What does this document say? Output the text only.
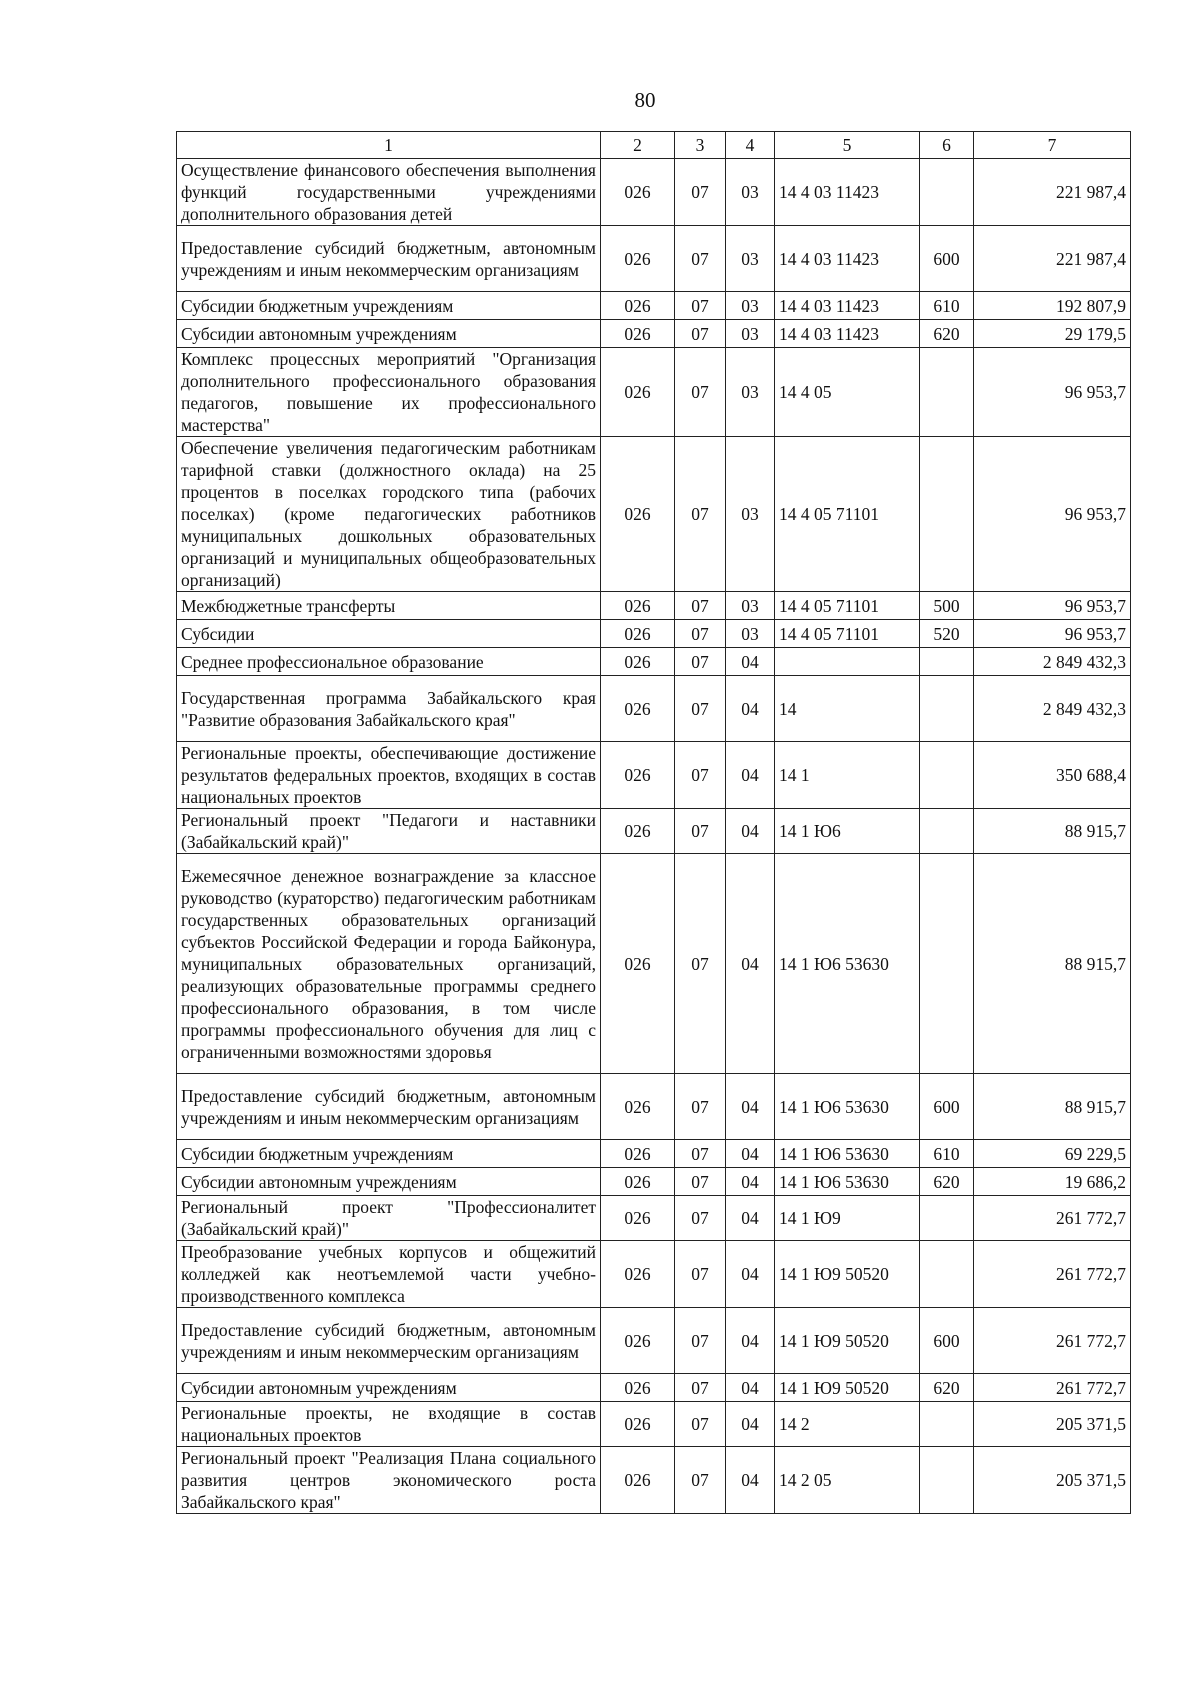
80
1	2	3	4	5	6	7
Осуществление финансового обеспечения выполнения функций государственными учреждениями дополнительного образования детей	026	07	03	14 4 03 11423		221 987,4
Предоставление субсидий бюджетным, автономным учреждениям и иным некоммерческим организациям	026	07	03	14 4 03 11423	600	221 987,4
Субсидии бюджетным учреждениям	026	07	03	14 4 03 11423	610	192 807,9
Субсидии автономным учреждениям	026	07	03	14 4 03 11423	620	29 179,5
Комплекс процессных мероприятий "Организация дополнительного профессионального образования педагогов, повышение их профессионального мастерства"	026	07	03	14 4 05		96 953,7
Обеспечение увеличения педагогическим работникам тарифной ставки (должностного оклада) на 25 процентов в поселках городского типа (рабочих поселках) (кроме педагогических работников муниципальных дошкольных образовательных организаций и муниципальных общеобразовательных организаций)	026	07	03	14 4 05 71101		96 953,7
Межбюджетные трансферты	026	07	03	14 4 05 71101	500	96 953,7
Субсидии	026	07	03	14 4 05 71101	520	96 953,7
Среднее профессиональное образование	026	07	04			2 849 432,3
Государственная программа Забайкальского края "Развитие образования Забайкальского края"	026	07	04	14		2 849 432,3
Региональные проекты, обеспечивающие достижение результатов федеральных проектов, входящих в состав национальных проектов	026	07	04	14 1		350 688,4
Региональный проект "Педагоги и наставники (Забайкальский край)"	026	07	04	14 1 Ю6		88 915,7
Ежемесячное денежное вознаграждение за классное руководство (кураторство) педагогическим работникам государственных образовательных организаций субъектов Российской Федерации и города Байконура, муниципальных образовательных организаций, реализующих образовательные программы среднего профессионального образования, в том числе программы профессионального обучения для лиц с ограниченными возможностями здоровья	026	07	04	14 1 Ю6 53630		88 915,7
Предоставление субсидий бюджетным, автономным учреждениям и иным некоммерческим организациям	026	07	04	14 1 Ю6 53630	600	88 915,7
Субсидии бюджетным учреждениям	026	07	04	14 1 Ю6 53630	610	69 229,5
Субсидии автономным учреждениям	026	07	04	14 1 Ю6 53630	620	19 686,2
Региональный проект "Профессионалитет (Забайкальский край)"	026	07	04	14 1 Ю9		261 772,7
Преобразование учебных корпусов и общежитий колледжей как неотъемлемой части учебно-производственного комплекса	026	07	04	14 1 Ю9 50520		261 772,7
Предоставление субсидий бюджетным, автономным учреждениям и иным некоммерческим организациям	026	07	04	14 1 Ю9 50520	600	261 772,7
Субсидии автономным учреждениям	026	07	04	14 1 Ю9 50520	620	261 772,7
Региональные проекты, не входящие в состав национальных проектов	026	07	04	14 2		205 371,5
Региональный проект "Реализация Плана социального развития центров экономического роста Забайкальского края"	026	07	04	14 2 05		205 371,5
